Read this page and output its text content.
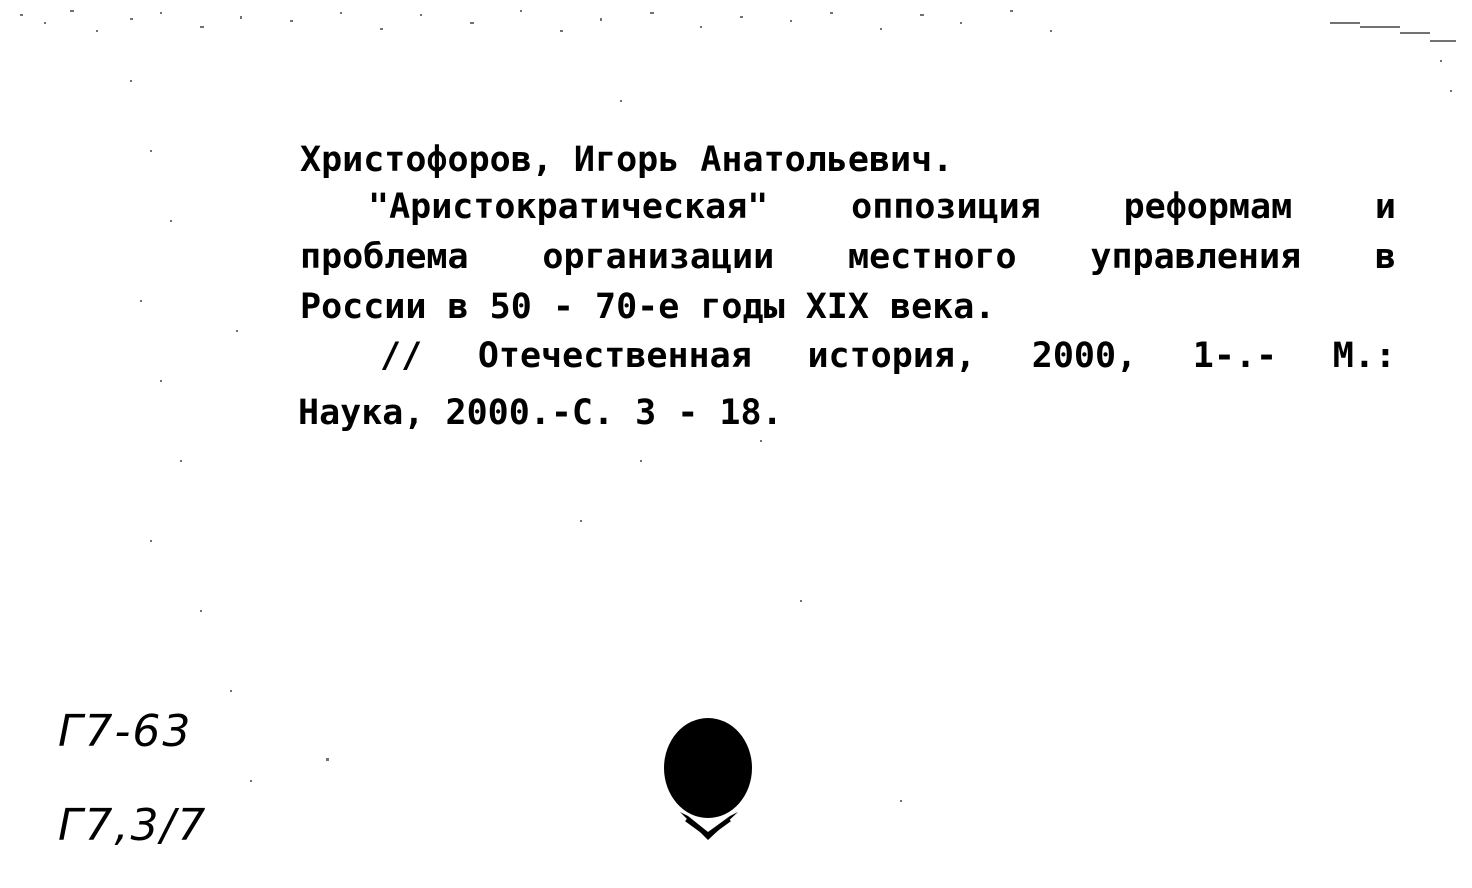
Христофоров, Игорь Анатольевич.
"Аристократическая" оппозиция реформам и
проблема организации местного управления в
России в 50 - 70-е годы XIX века.
// Отечественная история, 2000, 1-.- М.:
Наука, 2000.-С. 3 - 18.
Г7-63
Г7,3/7
